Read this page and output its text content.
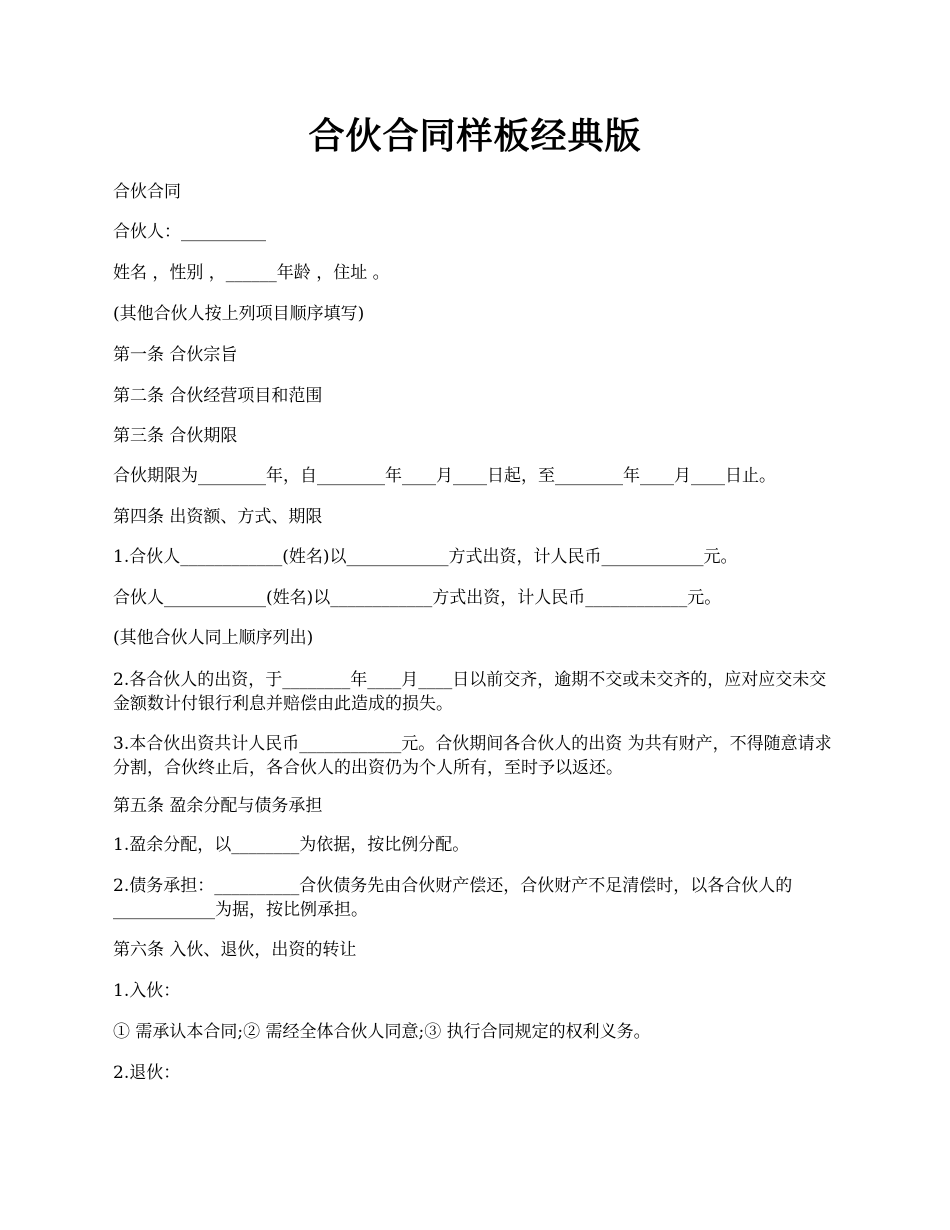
合伙合同样板经典版
合伙合同
合伙人：__________
姓名 ，性别 ，______年龄 ，住址 。
(其他合伙人按上列项目顺序填写)
第一条 合伙宗旨
第二条 合伙经营项目和范围
第三条 合伙期限
合伙期限为________年，自________年____月____日起，至________年____月____日止。
第四条 出资额、方式、期限
1.合伙人____________(姓名)以____________方式出资，计人民币____________元。
合伙人____________(姓名)以____________方式出资，计人民币____________元。
(其他合伙人同上顺序列出)
2.各合伙人的出资，于________年____月____日以前交齐，逾期不交或未交齐的，应对应交未交金额数计付银行利息并赔偿由此造成的损失。
3.本合伙出资共计人民币____________元。合伙期间各合伙人的出资 为共有财产，不得随意请求分割，合伙终止后，各合伙人的出资仍为个人所有，至时予以返还。
第五条 盈余分配与债务承担
1.盈余分配，以________为依据，按比例分配。
2.债务承担：__________合伙债务先由合伙财产偿还，合伙财产不足清偿时，以各合伙人的____________为据，按比例承担。
第六条 入伙、退伙，出资的转让
1.入伙：
① 需承认本合同;② 需经全体合伙人同意;③ 执行合同规定的权利义务。
2.退伙：
